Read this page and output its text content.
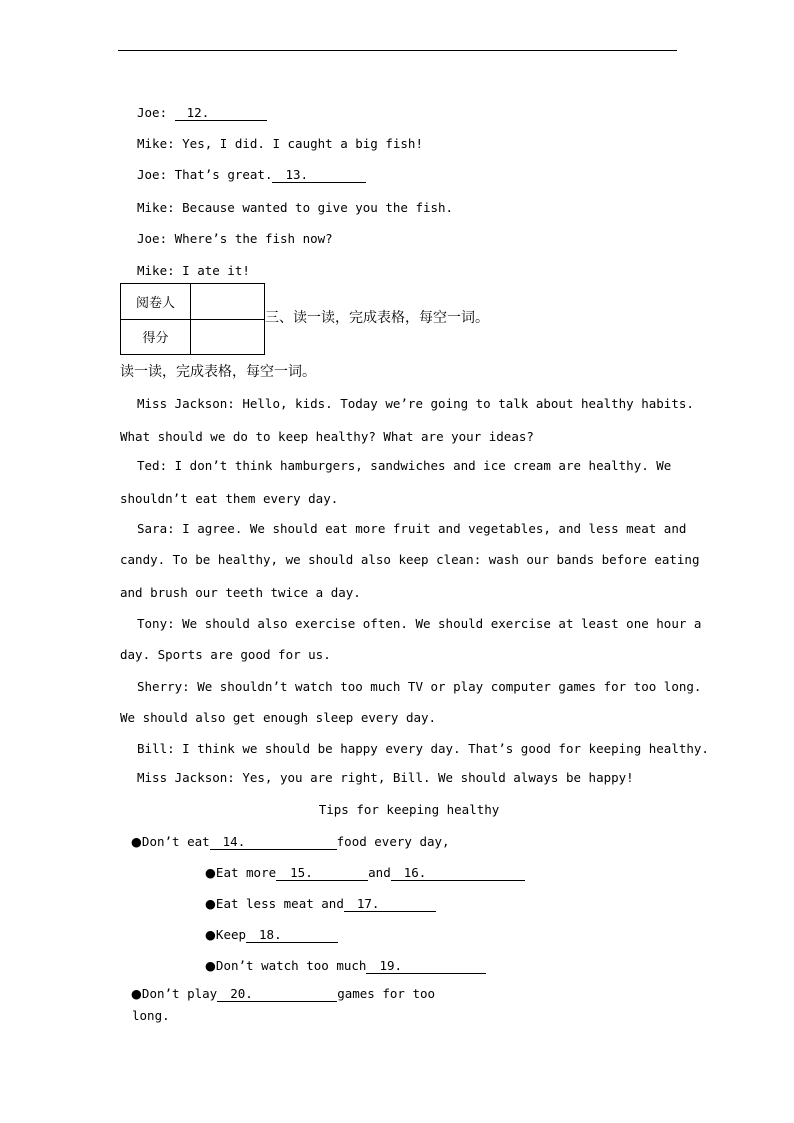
Joe: 12.
Mike: Yes, I did. I caught a big fish!
Joe: That’s great. 13.
Mike: Because wanted to give you the fish.
Joe: Where’s the fish now?
Mike: I ate it!
阅卷人	
得分	
三、读一读，完成表格，每空一词。
读一读，完成表格，每空一词。
Miss Jackson: Hello, kids. Today we’re going to talk about healthy habits.
What should we do to keep healthy? What are your ideas?
Ted: I don’t think hamburgers, sandwiches and ice cream are healthy. We
shouldn’t eat them every day.
Sara: I agree. We should eat more fruit and vegetables, and less meat and
candy. To be healthy, we should also keep clean: wash our bands before eating
and brush our teeth twice a day.
Tony: We should also exercise often. We should exercise at least one hour a
day. Sports are good for us.
Sherry: We shouldn’t watch too much TV or play computer games for too long.
We should also get enough sleep every day.
Bill: I think we should be happy every day. That’s good for keeping healthy.
Miss Jackson: Yes, you are right, Bill. We should always be happy!
Tips for keeping healthy
●Don’t eat 14.	food every day,
●Eat more 15.	and 16.
●Eat less meat and 17.
●Keep 18.
●Don’t watch too much 19.
●Don’t play 20.	games for too
long.
